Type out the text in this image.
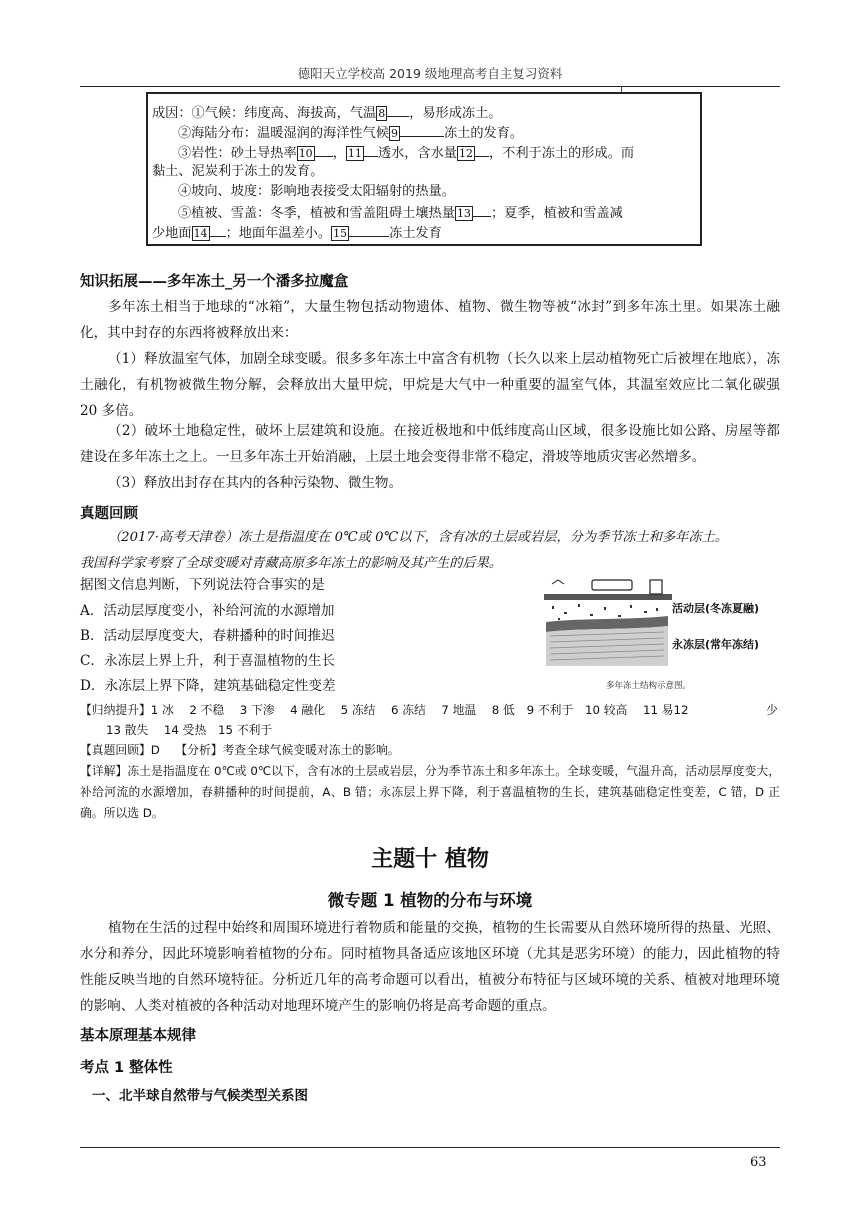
德阳天立学校高 2019 级地理高考自主复习资料
成因：①气候：纬度高、海拔高，气温 8 ，易形成冻土。
②海陆分布：温暖湿润的海洋性气候 9	冻土的发育。
③岩性：砂土导热率 10 ， 11 透水，含水量 12 ，不利于冻土的形成。而
黏土、泥炭利于冻土的发育。
④坡向、坡度：影响地表接受太阳辐射的热量。
⑤植被、雪盖：冬季，植被和雪盖阻碍土壤热量 13 ；夏季，植被和雪盖减
少地面 14 ；地面年温差小。 15	冻土发育
知识拓展——多年冻土_另一个潘多拉魔盒
多年冻土相当于地球的“冰箱”，大量生物包括动物遗体、植物、微生物等被“冰封”到多年冻土里。如果冻土融化，其中封存的东西将被释放出来：
（1）释放温室气体，加剧全球变暖。很多多年冻土中富含有机物（长久以来上层动植物死亡后被埋在地底），冻土融化，有机物被微生物分解，会释放出大量甲烷，甲烷是大气中一种重要的温室气体，其温室效应比二氧化碳强 20 多倍。
（2）破坏土地稳定性，破坏上层建筑和设施。在接近极地和中低纬度高山区域，很多设施比如公路、房屋等都建设在多年冻土之上。一旦多年冻土开始消融，上层土地会变得非常不稳定，滑坡等地质灾害必然增多。
（3）释放出封存在其内的各种污染物、微生物。
真题回顾
（2017·高考天津卷）冻土是指温度在 0℃或 0℃以下，含有冰的土层或岩层，分为季节冻土和多年冻土。
我国科学家考察了全球变暖对青藏高原多年冻土的影响及其产生的后果。
据图文信息判断，下列说法符合事实的是
A．活动层厚度变小，补给河流的水源增加
B．活动层厚度变大，春耕播种的时间推迟
C．永冻层上界上升，利于喜温植物的生长
D．永冻层上界下降，建筑基础稳定性变差
活动层(冬冻夏融)
永冻层(常年冻结)
多年冻土结构示意图。
【归纳提升】1 冰　 2 不稳　 3 下渗　 4 融化　 5 冻结　 6 冻结　 7 地温　 8 低　9 不利于　10 较高　 11 易12	少
13 散失　 14 受热　15 不利于
【真题回顾】D　 【分析】考查全球气候变暖对冻土的影响。
【详解】冻土是指温度在 0℃或 0℃以下，含有冰的土层或岩层，分为季节冻土和多年冻土。全球变暖，气温升高，活动层厚度变大，补给河流的水源增加，春耕播种的时间提前，A、B 错；永冻层上界下降，利于喜温植物的生长，建筑基础稳定性变差，C 错，D 正确。所以选 D。
主题十 植物
微专题 1 植物的分布与环境
植物在生活的过程中始终和周围环境进行着物质和能量的交换，植物的生长需要从自然环境所得的热量、光照、水分和养分，因此环境影响着植物的分布。同时植物具备适应该地区环境（尤其是恶劣环境）的能力，因此植物的特性能反映当地的自然环境特征。分析近几年的高考命题可以看出，植被分布特征与区域环境的关系、植被对地理环境的影响、人类对植被的各种活动对地理环境产生的影响仍将是高考命题的重点。
基本原理基本规律
考点 1 整体性
一、北半球自然带与气候类型关系图
63
